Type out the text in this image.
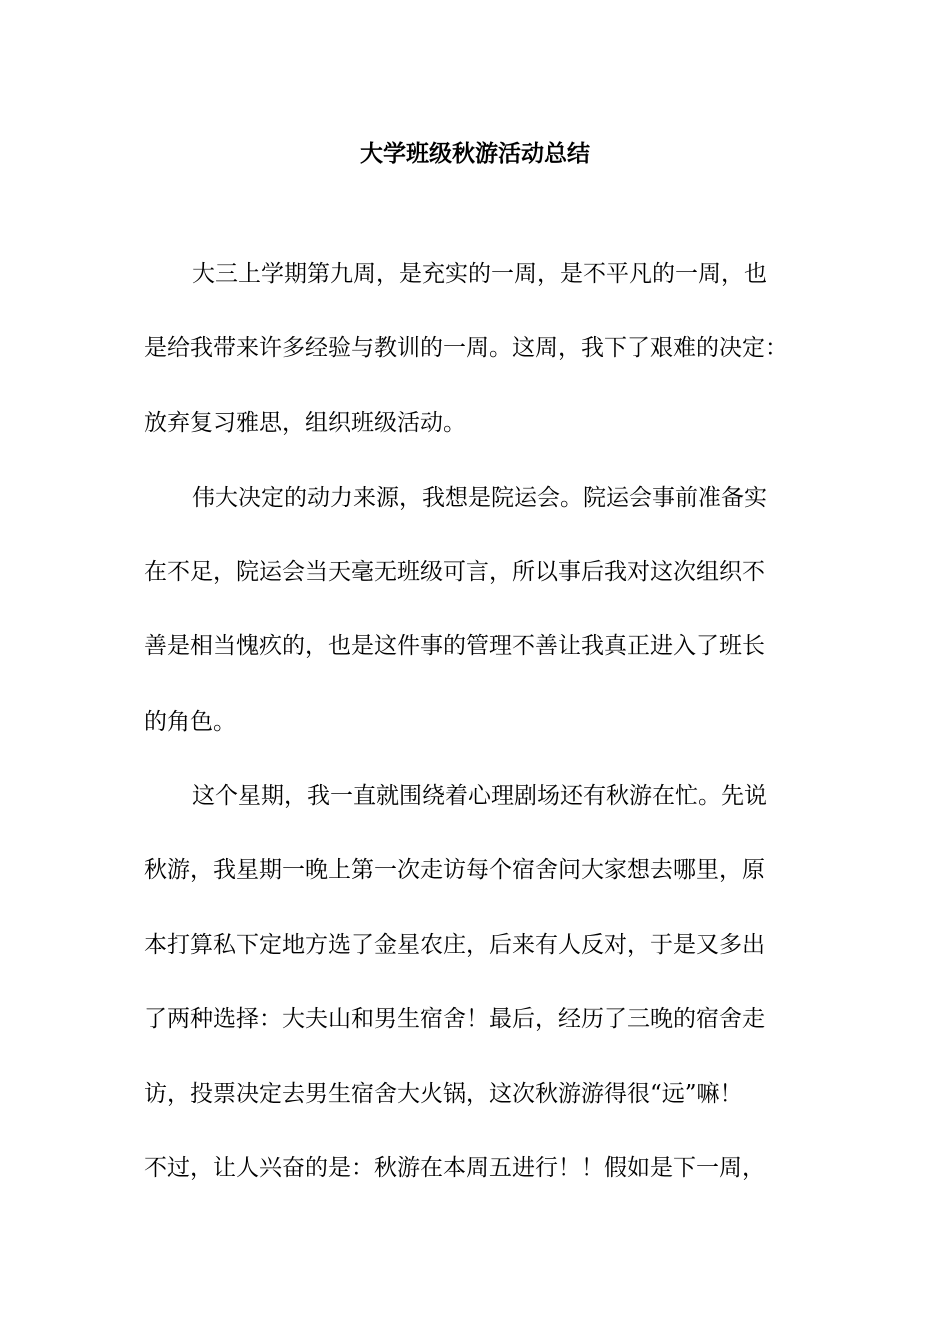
大学班级秋游活动总结

大三上学期第九周，是充实的一周，是不平凡的一周，也

是给我带来许多经验与教训的一周。这周，我下了艰难的决定：

放弃复习雅思，组织班级活动。

伟大决定的动力来源，我想是院运会。院运会事前准备实

在不足，院运会当天毫无班级可言，所以事后我对这次组织不

善是相当愧疚的，也是这件事的管理不善让我真正进入了班长

的角色。

这个星期，我一直就围绕着心理剧场还有秋游在忙。先说

秋游，我星期一晚上第一次走访每个宿舍问大家想去哪里，原

本打算私下定地方选了金星农庄，后来有人反对，于是又多出

了两种选择：大夫山和男生宿舍！最后，经历了三晚的宿舍走

访，投票决定去男生宿舍大火锅，这次秋游游得很“远”嘛！

不过，让人兴奋的是：秋游在本周五进行！！假如是下一周，
